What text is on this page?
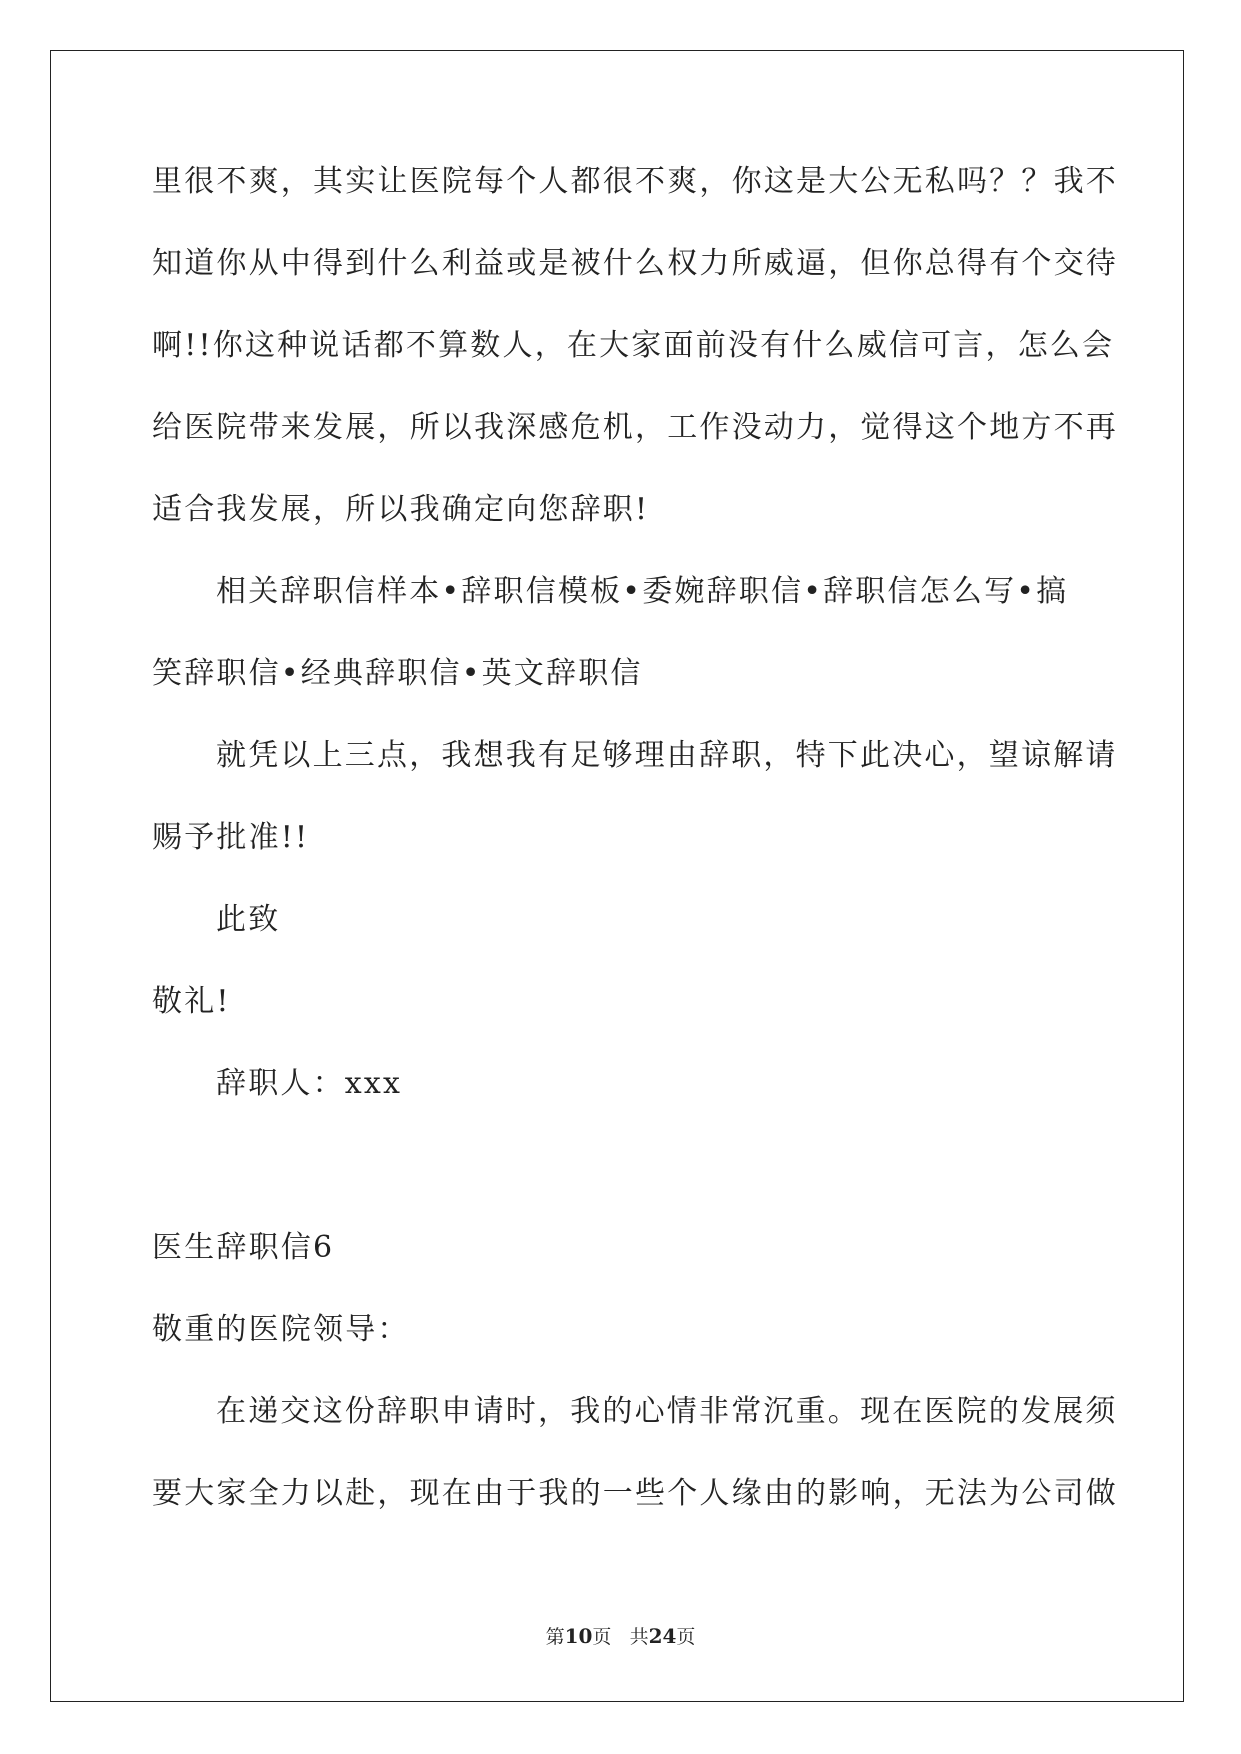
里很不爽，其实让医院每个人都很不爽，你这是大公无私吗？？我不
知道你从中得到什么利益或是被什么权力所威逼，但你总得有个交待
啊!!你这种说话都不算数人，在大家面前没有什么威信可言，怎么会
给医院带来发展，所以我深感危机，工作没动力，觉得这个地方不再
适合我发展，所以我确定向您辞职!
相关辞职信样本•辞职信模板•委婉辞职信•辞职信怎么写•搞
笑辞职信•经典辞职信•英文辞职信
就凭以上三点，我想我有足够理由辞职，特下此决心，望谅解请
赐予批准!!
此致
敬礼!
辞职人：xxx
医生辞职信6
敬重的医院领导：
在递交这份辞职申请时，我的心情非常沉重。现在医院的发展须
要大家全力以赴，现在由于我的一些个人缘由的影响，无法为公司做
第10页 共24页
